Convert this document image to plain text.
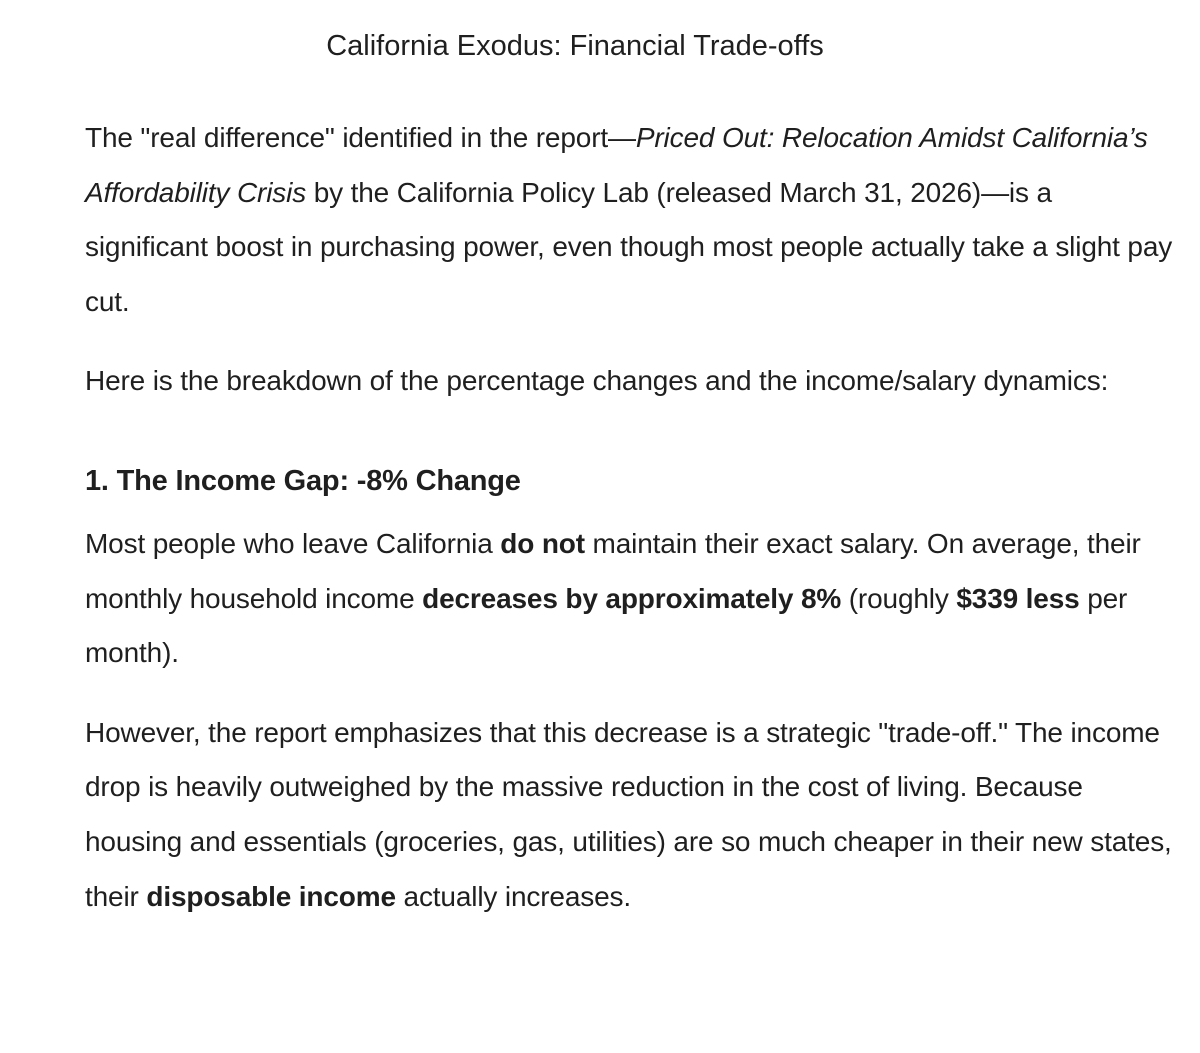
California Exodus: Financial Trade-offs

The "real difference" identified in the report—Priced Out: Relocation Amidst California’s Affordability Crisis by the California Policy Lab (released March 31, 2026)—is a significant boost in purchasing power, even though most people actually take a slight pay cut.

Here is the breakdown of the percentage changes and the income/salary dynamics:

1. The Income Gap: -8% Change

Most people who leave California do not maintain their exact salary. On average, their monthly household income decreases by approximately 8% (roughly $339 less per month).

However, the report emphasizes that this decrease is a strategic "trade-off." The income drop is heavily outweighed by the massive reduction in the cost of living. Because housing and essentials (groceries, gas, utilities) are so much cheaper in their new states, their disposable income actually increases.
